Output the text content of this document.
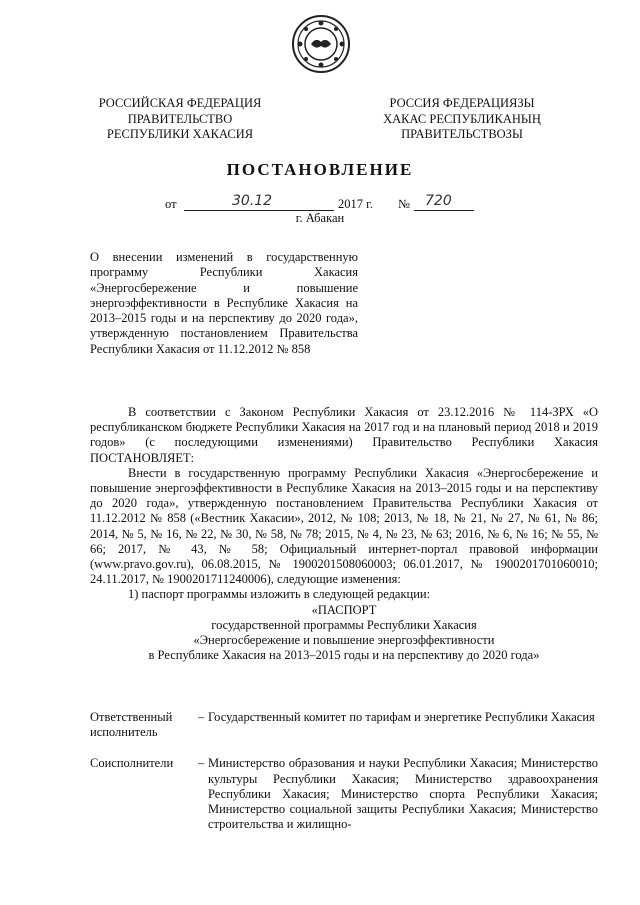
РОССИЙСКАЯ ФЕДЕРАЦИЯ
ПРАВИТЕЛЬСТВО
РЕСПУБЛИКИ ХАКАСИЯ
РОССИЯ ФЕДЕРАЦИЯЗЫ
ХАКАС РЕСПУБЛИКАНЫҢ
ПРАВИТЕЛЬСТВОЗЫ
ПОСТАНОВЛЕНИЕ
от	30.12	2017 г. № 720
г. Абакан
О внесении изменений в государственную программу Республики Хакасия «Энергосбережение и повышение энергоэффективности в Республике Хакасия на 2013–2015 годы и на перспективу до 2020 года», утвержденную постановлением Правительства Республики Хакасия от 11.12.2012 № 858

В соответствии с Законом Республики Хакасия от 23.12.2016 № 114-ЗРХ «О республиканском бюджете Республики Хакасия на 2017 год и на плановый период 2018 и 2019 годов» (с последующими изменениями) Правительство Республики Хакасия ПОСТАНОВЛЯЕТ:

Внести в государственную программу Республики Хакасия «Энергосбережение и повышение энергоэффективности в Республике Хакасия на 2013–2015 годы и на перспективу до 2020 года», утвержденную постановлением Правительства Республики Хакасия от 11.12.2012 № 858 («Вестник Хакасии», 2012, № 108; 2013, № 18, № 21, № 27, № 61, № 86; 2014, № 5, № 16, № 22, № 30, № 58, № 78; 2015, № 4, № 23, № 63; 2016, № 6, № 16; № 55, № 66; 2017, № 43, № 58; Официальный интернет-портал правовой информации (www.pravo.gov.ru), 06.08.2015, № 1900201508060003; 06.01.2017, № 1900201701060010; 24.11.2017, № 1900201711240006), следующие изменения:

1) паспорт программы изложить в следующей редакции:

«ПАСПОРТ

государственной программы Республики Хакасия

«Энергосбережение и повышение энергоэффективности

в Республике Хакасия на 2013–2015 годы и на перспективу до 2020 года»

Ответственный исполнитель
– Государственный комитет по тарифам и энергетике Республики Хакасия
Соисполнители	– Министерство образования и науки Республики Хакасия; Министерство культуры Республики Хакасия; Министерство здравоохранения Республики Хакасия; Министерство спорта Республики Хакасия; Министерство социальной защиты Республики Хакасия; Министерство строительства и жилищно-
